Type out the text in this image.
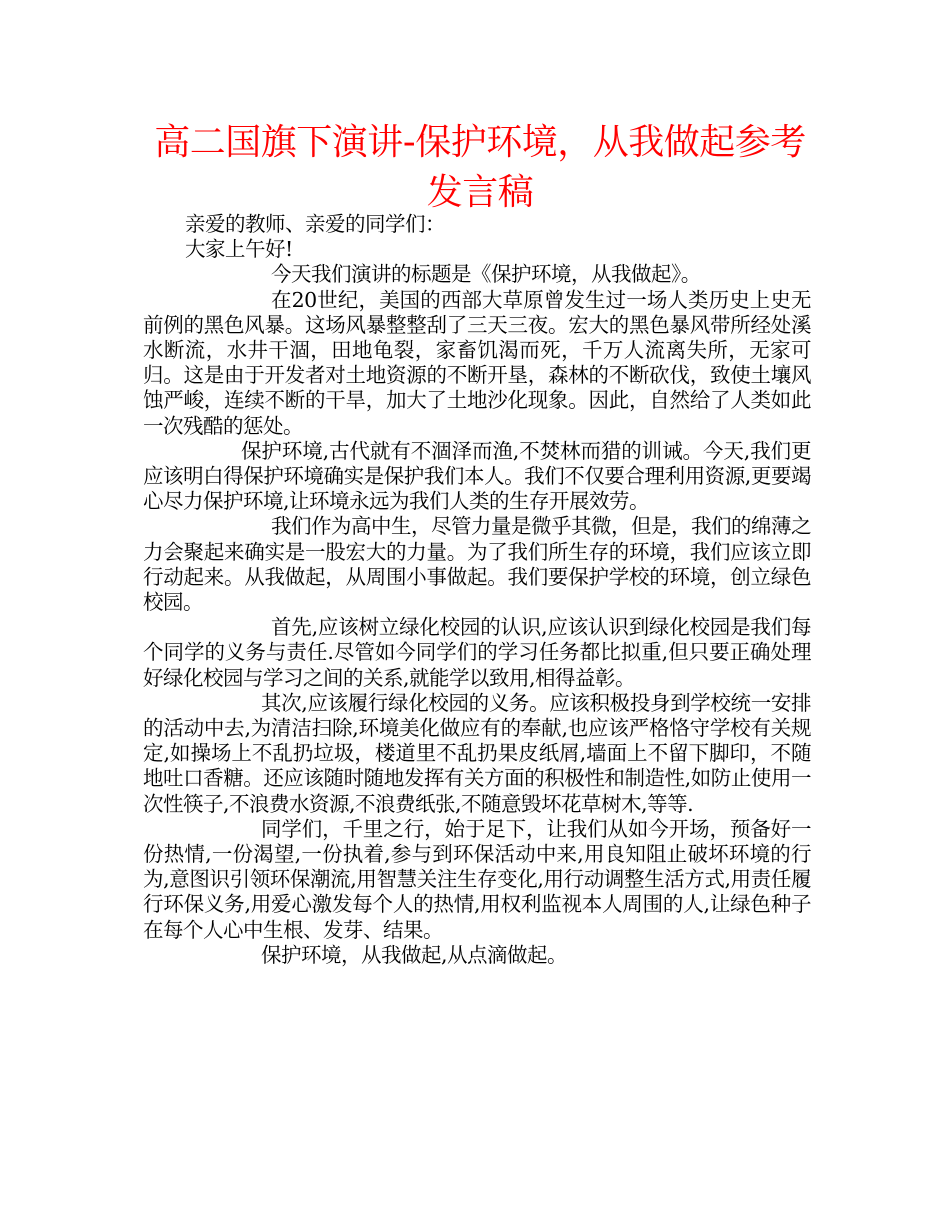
高二国旗下演讲-保护环境，从我做起参考发言稿

亲爱的教师、亲爱的同学们：

大家上午好!

今天我们演讲的标题是《保护环境，从我做起》。

在20世纪，美国的西部大草原曾发生过一场人类历史上史无前例的黑色风暴。这场风暴整整刮了三天三夜。宏大的黑色暴风带所经处溪水断流，水井干涸，田地龟裂，家畜饥渴而死，千万人流离失所，无家可归。这是由于开发者对土地资源的不断开垦，森林的不断砍伐，致使土壤风蚀严峻，连续不断的干旱，加大了土地沙化现象。因此，自然给了人类如此一次残酷的惩处。

保护环境,古代就有不涸泽而渔,不焚林而猎的训诫。今天,我们更应该明白得保护环境确实是保护我们本人。我们不仅要合理利用资源,更要竭心尽力保护环境,让环境永远为我们人类的生存开展效劳。

我们作为高中生，尽管力量是微乎其微，但是，我们的绵薄之力会聚起来确实是一股宏大的力量。为了我们所生存的环境，我们应该立即行动起来。从我做起，从周围小事做起。我们要保护学校的环境，创立绿色校园。

首先,应该树立绿化校园的认识,应该认识到绿化校园是我们每个同学的义务与责任.尽管如今同学们的学习任务都比拟重,但只要正确处理好绿化校园与学习之间的关系,就能学以致用,相得益彰。

其次,应该履行绿化校园的义务。应该积极投身到学校统一安排的活动中去,为清洁扫除,环境美化做应有的奉献,也应该严格恪守学校有关规定,如操场上不乱扔垃圾，楼道里不乱扔果皮纸屑,墙面上不留下脚印，不随地吐口香糖。还应该随时随地发挥有关方面的积极性和制造性,如防止使用一次性筷子,不浪费水资源,不浪费纸张,不随意毁坏花草树木,等等.

同学们，千里之行，始于足下，让我们从如今开场，预备好一份热情,一份渴望,一份执着,参与到环保活动中来,用良知阻止破坏环境的行为,意图识引领环保潮流,用智慧关注生存变化,用行动调整生活方式,用责任履行环保义务,用爱心激发每个人的热情,用权利监视本人周围的人,让绿色种子在每个人心中生根、发芽、结果。

保护环境，从我做起,从点滴做起。
